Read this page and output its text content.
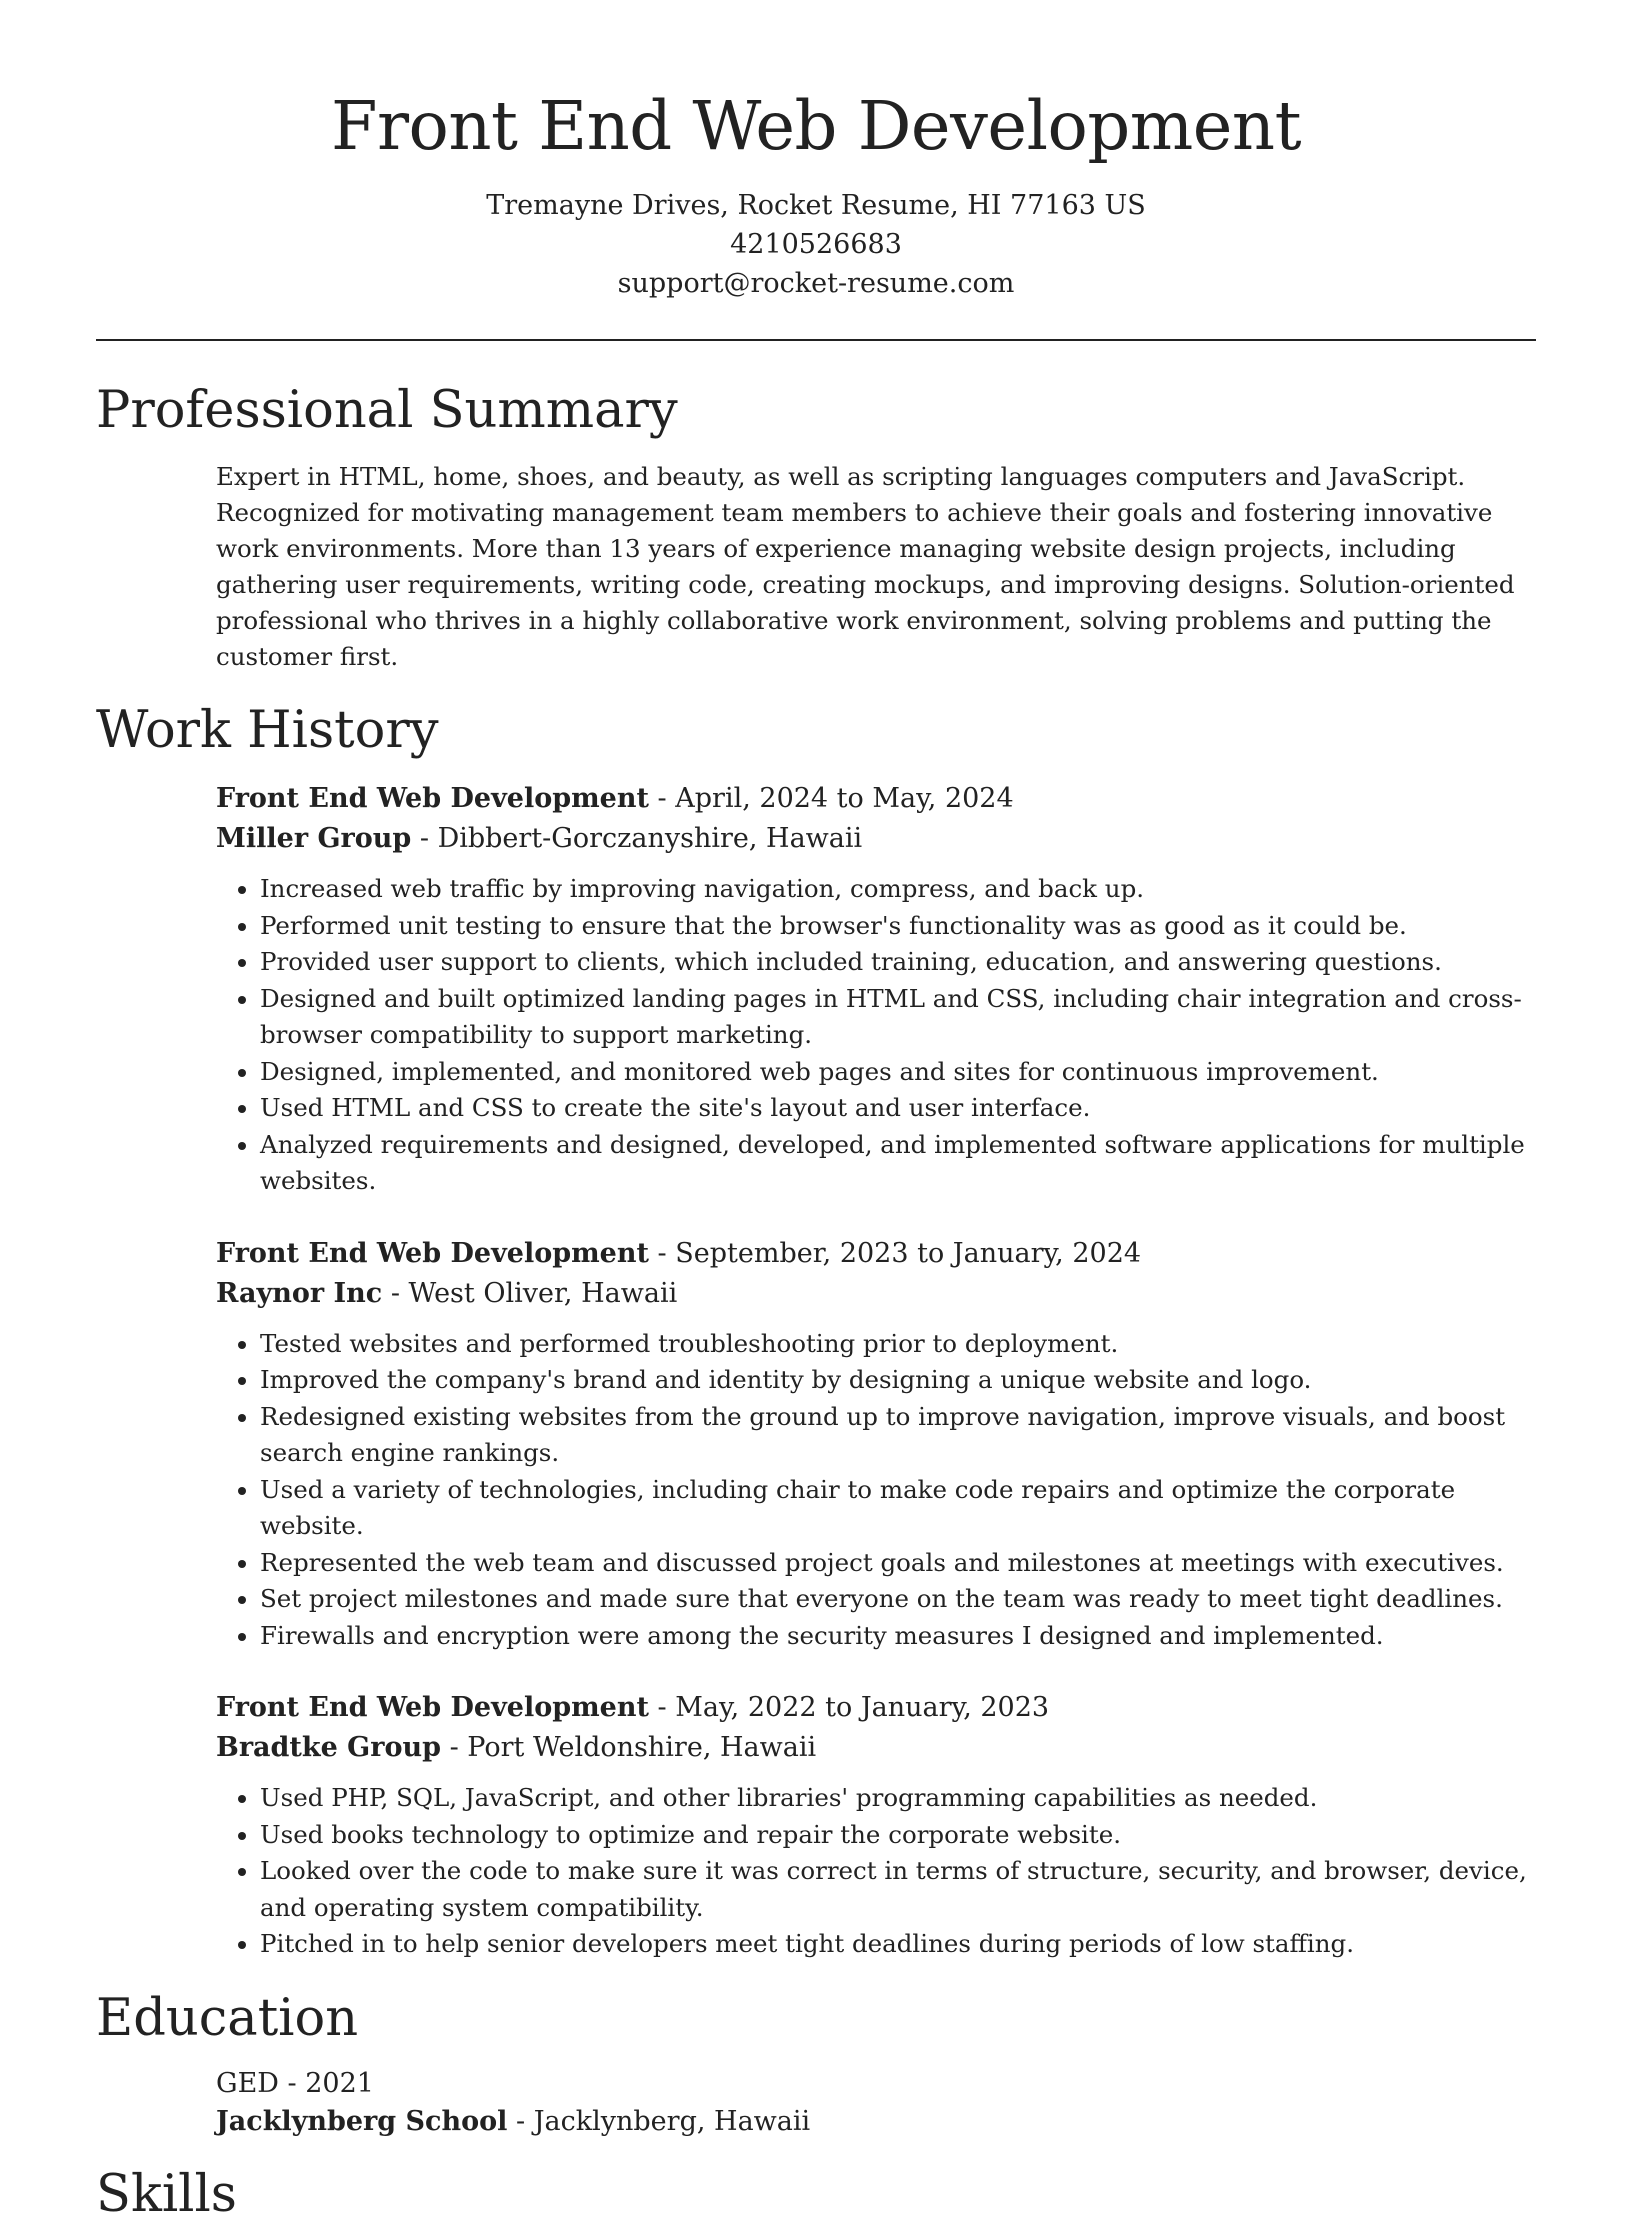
Front End Web Development
Tremayne Drives, Rocket Resume, HI 77163 US
4210526683
support@rocket-resume.com
Professional Summary

Expert in HTML, home, shoes, and beauty, as well as scripting languages computers and JavaScript. Recognized for motivating management team members to achieve their goals and fostering innovative work environments. More than 13 years of experience managing website design projects, including gathering user requirements, writing code, creating mockups, and improving designs. Solution-oriented professional who thrives in a highly collaborative work environment, solving problems and putting the customer first.

Work History
Front End Web Development - April, 2024 to May, 2024
Miller Group - Dibbert-Gorczanyshire, Hawaii
• Increased web traffic by improving navigation, compress, and back up.
• Performed unit testing to ensure that the browser's functionality was as good as it could be.
• Provided user support to clients, which included training, education, and answering questions.
• Designed and built optimized landing pages in HTML and CSS, including chair integration and cross-browser compatibility to support marketing.
• Designed, implemented, and monitored web pages and sites for continuous improvement.
• Used HTML and CSS to create the site's layout and user interface.
• Analyzed requirements and designed, developed, and implemented software applications for multiple websites.
Front End Web Development - September, 2023 to January, 2024
Raynor Inc - West Oliver, Hawaii
• Tested websites and performed troubleshooting prior to deployment.
• Improved the company's brand and identity by designing a unique website and logo.
• Redesigned existing websites from the ground up to improve navigation, improve visuals, and boost search engine rankings.
• Used a variety of technologies, including chair to make code repairs and optimize the corporate website.
• Represented the web team and discussed project goals and milestones at meetings with executives.
• Set project milestones and made sure that everyone on the team was ready to meet tight deadlines.
• Firewalls and encryption were among the security measures I designed and implemented.
Front End Web Development - May, 2022 to January, 2023
Bradtke Group - Port Weldonshire, Hawaii
• Used PHP, SQL, JavaScript, and other libraries' programming capabilities as needed.
• Used books technology to optimize and repair the corporate website.
• Looked over the code to make sure it was correct in terms of structure, security, and browser, device, and operating system compatibility.
• Pitched in to help senior developers meet tight deadlines during periods of low staffing.
Education
GED - 2021
Jacklynberg School - Jacklynberg, Hawaii
Skills
